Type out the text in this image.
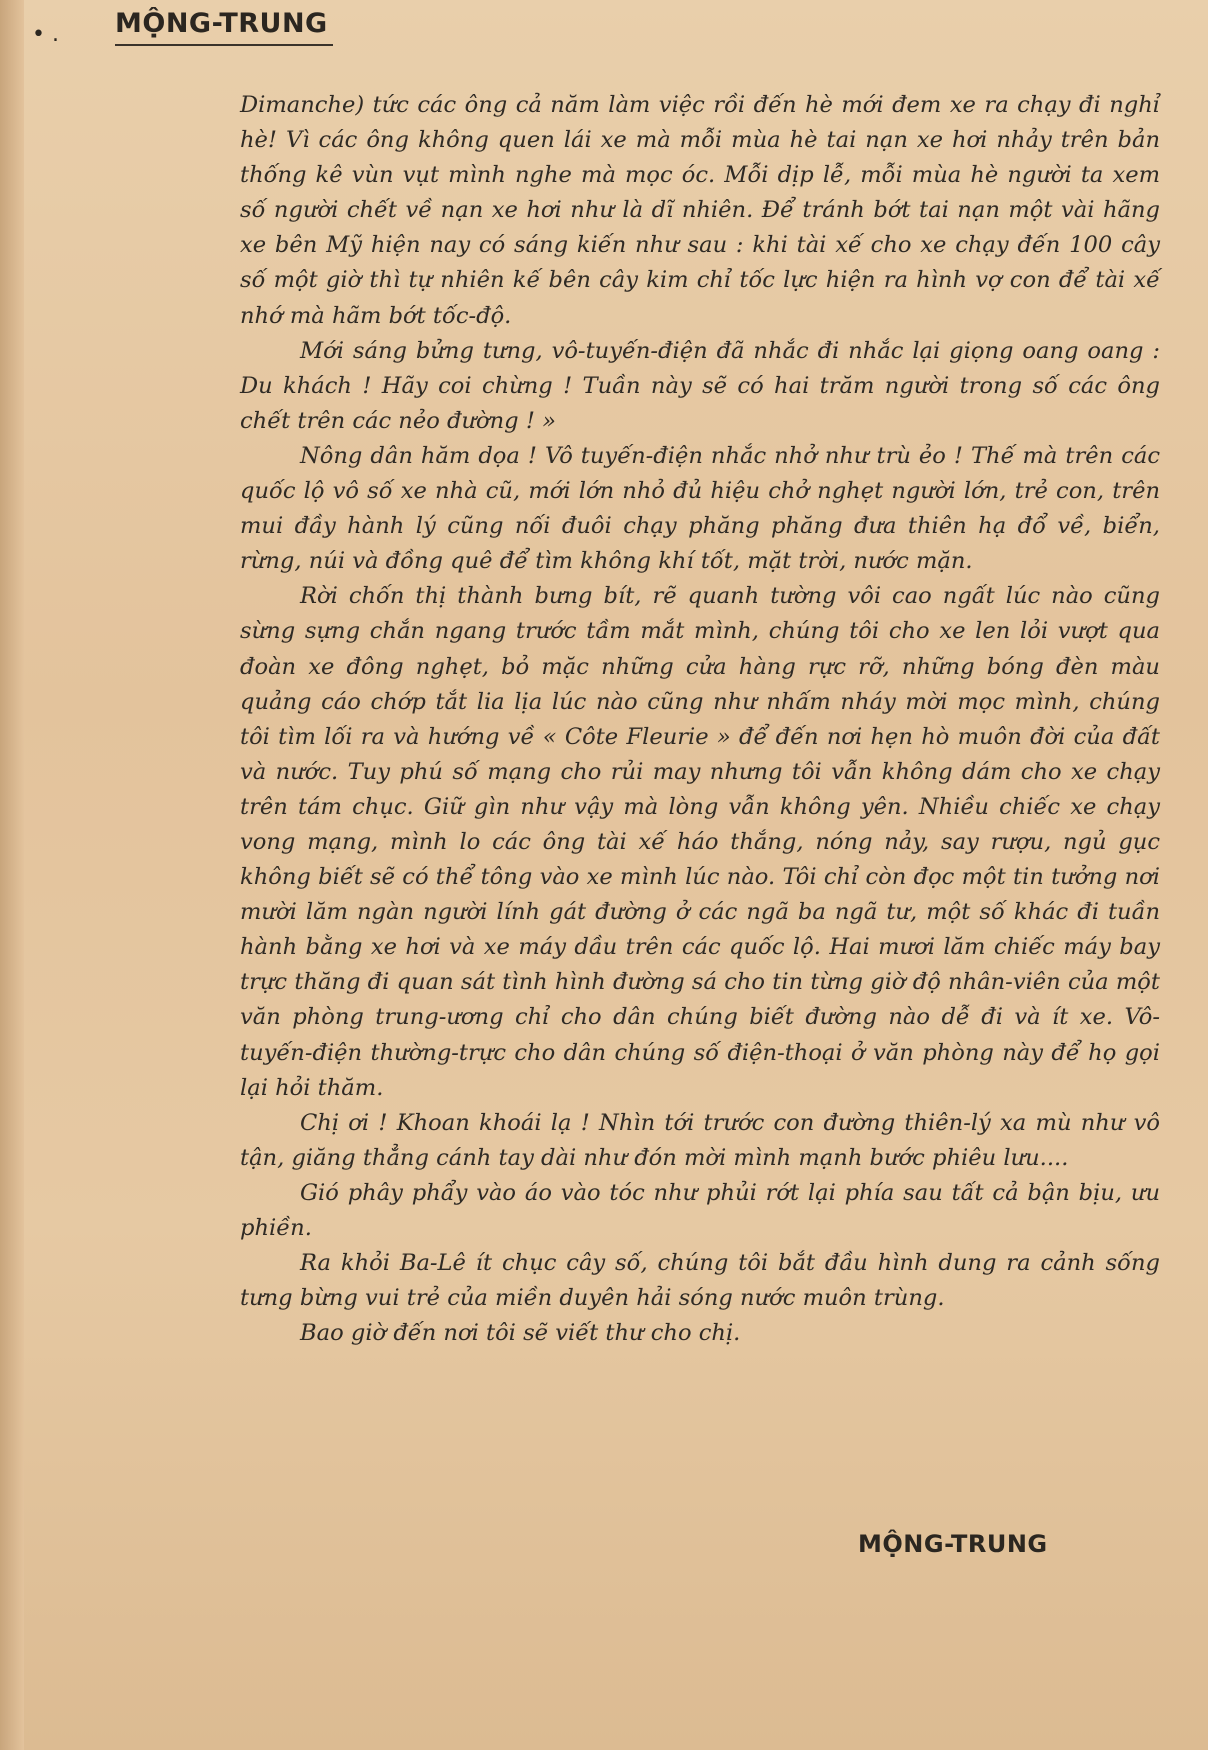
• . MỘNG-TRUNG

Dimanche) tức các ông cả năm làm việc rồi đến hè mới đem xe ra chạy đi nghỉ hè! Vì các ông không quen lái xe mà mỗi mùa hè tai nạn xe hơi nhảy trên bản thống kê vùn vụt mình nghe mà mọc óc. Mỗi dịp lễ, mỗi mùa hè người ta xem số người chết về nạn xe hơi như là dĩ nhiên. Để tránh bớt tai nạn một vài hãng xe bên Mỹ hiện nay có sáng kiến như sau : khi tài xế cho xe chạy đến 100 cây số một giờ thì tự nhiên kế bên cây kim chỉ tốc lực hiện ra hình vợ con để tài xế nhớ mà hãm bớt tốc-độ.

Mới sáng bửng tưng, vô-tuyến-điện đã nhắc đi nhắc lại giọng oang oang : Du khách ! Hãy coi chừng ! Tuần này sẽ có hai trăm người trong số các ông chết trên các nẻo đường ! »

Nông dân hăm dọa ! Vô tuyến-điện nhắc nhở như trù ẻo ! Thế mà trên các quốc lộ vô số xe nhà cũ, mới lớn nhỏ đủ hiệu chở nghẹt người lớn, trẻ con, trên mui đầy hành lý cũng nối đuôi chạy phăng phăng đưa thiên hạ đổ về, biển, rừng, núi và đồng quê để tìm không khí tốt, mặt trời, nước mặn.

Rời chốn thị thành bưng bít, rẽ quanh tường vôi cao ngất lúc nào cũng sừng sựng chắn ngang trước tầm mắt mình, chúng tôi cho xe len lỏi vượt qua đoàn xe đông nghẹt, bỏ mặc những cửa hàng rực rỡ, những bóng đèn màu quảng cáo chớp tắt lia lịa lúc nào cũng như nhấm nháy mời mọc mình, chúng tôi tìm lối ra và hướng về « Côte Fleurie » để đến nơi hẹn hò muôn đời của đất và nước. Tuy phú số mạng cho rủi may nhưng tôi vẫn không dám cho xe chạy trên tám chục. Giữ gìn như vậy mà lòng vẫn không yên. Nhiều chiếc xe chạy vong mạng, mình lo các ông tài xế háo thắng, nóng nảy, say rượu, ngủ gục không biết sẽ có thể tông vào xe mình lúc nào. Tôi chỉ còn đọc một tin tưởng nơi mười lăm ngàn người lính gát đường ở các ngã ba ngã tư, một số khác đi tuần hành bằng xe hơi và xe máy dầu trên các quốc lộ. Hai mươi lăm chiếc máy bay trực thăng đi quan sát tình hình đường sá cho tin từng giờ độ nhân-viên của một văn phòng trung-ương chỉ cho dân chúng biết đường nào dễ đi và ít xe. Vô-tuyến-điện thường-trực cho dân chúng số điện-thoại ở văn phòng này để họ gọi lại hỏi thăm.

Chị ơi ! Khoan khoái lạ ! Nhìn tới trước con đường thiên-lý xa mù như vô tận, giăng thẳng cánh tay dài như đón mời mình mạnh bước phiêu lưu....

Gió phây phẩy vào áo vào tóc như phủi rớt lại phía sau tất cả bận bịu, ưu phiền.

Ra khỏi Ba-Lê ít chục cây số, chúng tôi bắt đầu hình dung ra cảnh sống tưng bừng vui trẻ của miền duyên hải sóng nước muôn trùng.

Bao giờ đến nơi tôi sẽ viết thư cho chị.

MỘNG-TRUNG
